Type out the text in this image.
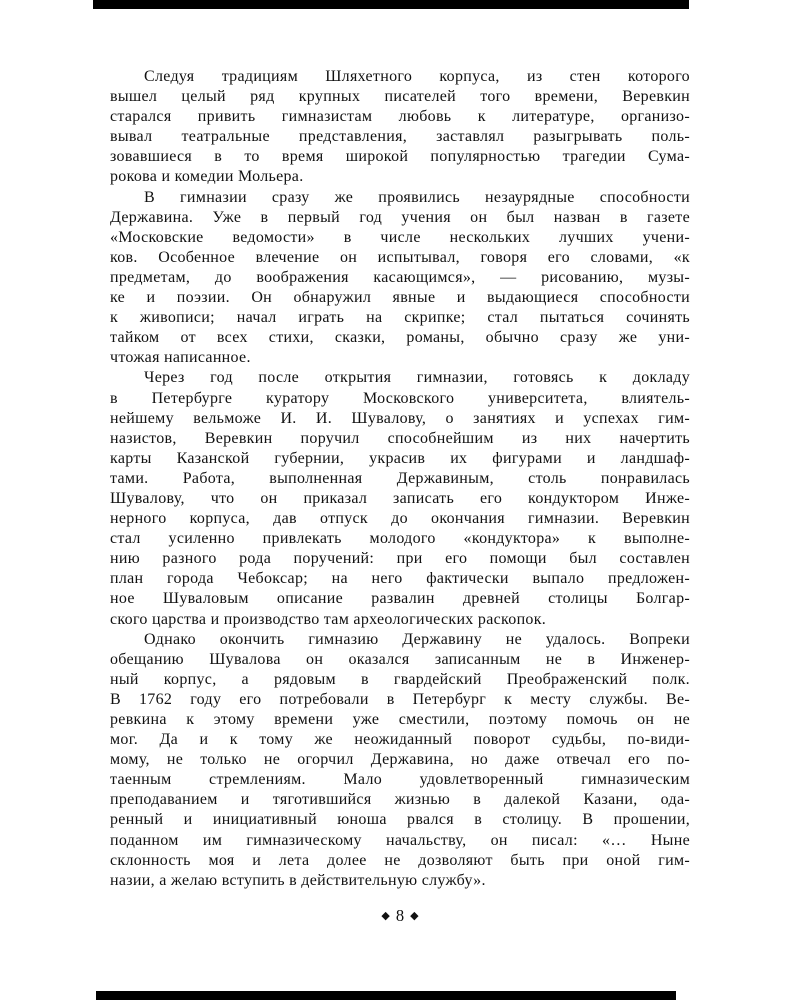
Следуя традициям Шляхетного корпуса, из стен которого
вышел целый ряд крупных писателей того времени, Веревкин
старался привить гимназистам любовь к литературе, организо-
вывал театральные представления, заставлял разыгрывать поль-
зовавшиеся в то время широкой популярностью трагедии Сума-
рокова и комедии Мольера.
В гимназии сразу же проявились незаурядные способности
Державина. Уже в первый год учения он был назван в газете
«Московские ведомости» в числе нескольких лучших учени-
ков. Особенное влечение он испытывал, говоря его словами, «к
предметам, до воображения касающимся», — рисованию, музы-
ке и поэзии. Он обнаружил явные и выдающиеся способности
к живописи; начал играть на скрипке; стал пытаться сочинять
тайком от всех стихи, сказки, романы, обычно сразу же уни-
чтожая написанное.
Через год после открытия гимназии, готовясь к докладу
в Петербурге куратору Московского университета, влиятель-
нейшему вельможе И. И. Шувалову, о занятиях и успехах гим-
назистов, Веревкин поручил способнейшим из них начертить
карты Казанской губернии, украсив их фигурами и ландшаф-
тами. Работа, выполненная Державиным, столь понравилась
Шувалову, что он приказал записать его кондуктором Инже-
нерного корпуса, дав отпуск до окончания гимназии. Веревкин
стал усиленно привлекать молодого «кондуктора» к выполне-
нию разного рода поручений: при его помощи был составлен
план города Чебоксар; на него фактически выпало предложен-
ное Шуваловым описание развалин древней столицы Болгар-
ского царства и производство там археологических раскопок.
Однако окончить гимназию Державину не удалось. Вопреки
обещанию Шувалова он оказался записанным не в Инженер-
ный корпус, а рядовым в гвардейский Преображенский полк.
В 1762 году его потребовали в Петербург к месту службы. Ве-
ревкина к этому времени уже сместили, поэтому помочь он не
мог. Да и к тому же неожиданный поворот судьбы, по-види-
мому, не только не огорчил Державина, но даже отвечал его по-
таенным стремлениям. Мало удовлетворенный гимназическим
преподаванием и тяготившийся жизнью в далекой Казани, ода-
ренный и инициативный юноша рвался в столицу. В прошении,
поданном им гимназическому начальству, он писал: «… Ныне
склонность моя и лета долее не дозволяют быть при оной гим-
назии, а желаю вступить в действительную службу».
◆ 8 ◆
